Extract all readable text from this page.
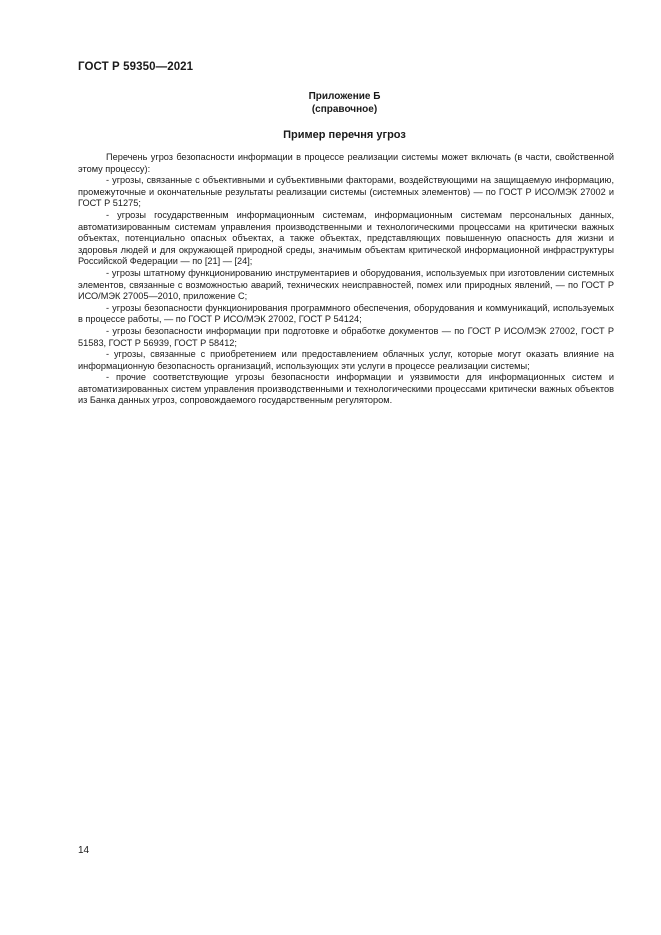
ГОСТ Р 59350—2021
Приложение Б
(справочное)
Пример перечня угроз

Перечень угроз безопасности информации в процессе реализации системы может включать (в части, свойственной этому процессу):

- угрозы, связанные с объективными и субъективными факторами, воздействующими на защищаемую информацию, промежуточные и окончательные результаты реализации системы (системных элементов) — по ГОСТ Р ИСО/МЭК 27002 и ГОСТ Р 51275;

- угрозы государственным информационным системам, информационным системам персональных данных, автоматизированным системам управления производственными и технологическими процессами на критически важных объектах, потенциально опасных объектах, а также объектах, представляющих повышенную опасность для жизни и здоровья людей и для окружающей природной среды, значимым объектам критической информационной инфраструктуры Российской Федерации — по [21] — [24];

- угрозы штатному функционированию инструментариев и оборудования, используемых при изготовлении системных элементов, связанные с возможностью аварий, технических неисправностей, помех или природных явлений, — по ГОСТ Р ИСО/МЭК 27005—2010, приложение С;

- угрозы безопасности функционирования программного обеспечения, оборудования и коммуникаций, используемых в процессе работы, — по ГОСТ Р ИСО/МЭК 27002, ГОСТ Р 54124;

- угрозы безопасности информации при подготовке и обработке документов — по ГОСТ Р ИСО/МЭК 27002, ГОСТ Р 51583, ГОСТ Р 56939, ГОСТ Р 58412;

- угрозы, связанные с приобретением или предоставлением облачных услуг, которые могут оказать влияние на информационную безопасность организаций, использующих эти услуги в процессе реализации системы;

- прочие соответствующие угрозы безопасности информации и уязвимости для информационных систем и автоматизированных систем управления производственными и технологическими процессами критически важных объектов из Банка данных угроз, сопровождаемого государственным регулятором.

14
